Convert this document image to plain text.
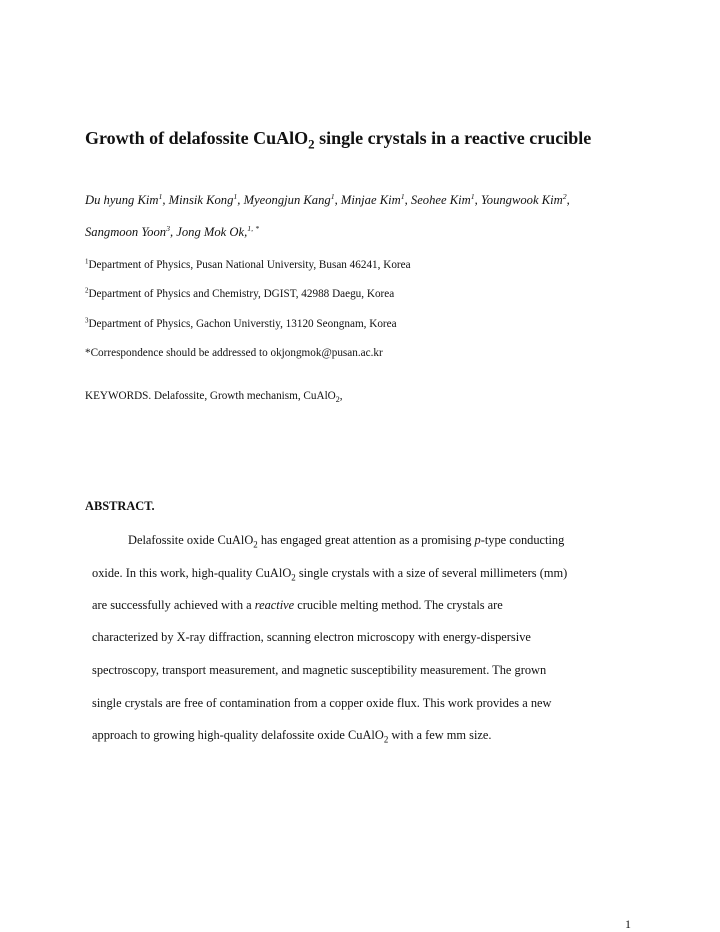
Growth of delafossite CuAlO$_2$ single crystals in a reactive crucible
Du hyung Kim$^1$, Minsik Kong$^1$, Myeongjun Kang$^1$, Minjae Kim$^1$, Seohee Kim$^1$, Youngwook Kim$^2$,
Sangmoon Yoon$^3$, Jong Mok Ok,$^{1, *}$
$^1$Department of Physics, Pusan National University, Busan 46241, Korea
$^2$Department of Physics and Chemistry, DGIST, 42988 Daegu, Korea
$^3$Department of Physics, Gachon Universtiy, 13120 Seongnam, Korea
*Correspondence should be addressed to okjongmok@pusan.ac.kr
KEYWORDS. Delafossite, Growth mechanism, CuAlO$_2$,
ABSTRACT.
Delafossite oxide CuAlO$_2$ has engaged great attention as a promising p-type conducting
oxide. In this work, high-quality CuAlO$_2$ single crystals with a size of several millimeters (mm)
are successfully achieved with a reactive crucible melting method. The crystals are
characterized by X-ray diffraction, scanning electron microscopy with energy-dispersive
spectroscopy, transport measurement, and magnetic susceptibility measurement. The grown
single crystals are free of contamination from a copper oxide flux. This work provides a new
approach to growing high-quality delafossite oxide CuAlO$_2$ with a few mm size.
1
